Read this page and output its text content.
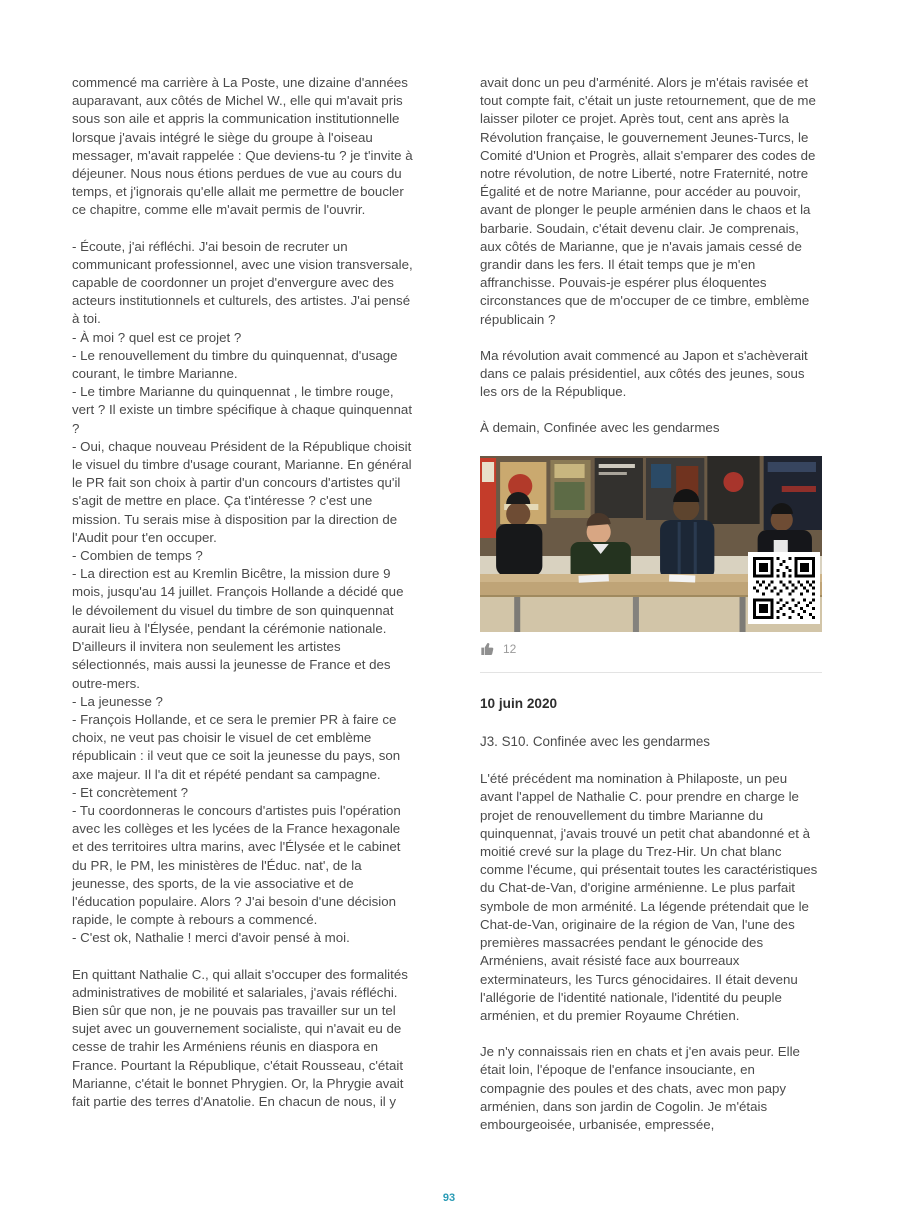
commencé ma carrière à La Poste, une dizaine d'années auparavant, aux côtés de Michel W., elle qui m'avait pris sous son aile et appris la communication institutionnelle lorsque j'avais intégré le siège du groupe à l'oiseau messager, m'avait rappelée : Que deviens-tu ? je t'invite à déjeuner. Nous nous étions perdues de vue au cours du temps, et j'ignorais qu'elle allait me permettre de boucler ce chapitre, comme elle m'avait permis de l'ouvrir.

- Écoute, j'ai réfléchi. J'ai besoin de recruter un communicant professionnel, avec une vision transversale, capable de coordonner un projet d'envergure avec des acteurs institutionnels et culturels, des artistes. J'ai pensé à toi.

- À moi ? quel est ce projet ?

- Le renouvellement du timbre du quinquennat, d'usage courant, le timbre Marianne.

- Le timbre Marianne du quinquennat , le timbre rouge, vert ? Il existe un timbre spécifique à chaque quinquennat ?

- Oui, chaque nouveau Président de la République choisit le visuel du timbre d'usage courant, Marianne. En général le PR fait son choix à partir d'un concours d'artistes qu'il s'agit de mettre en place. Ça t'intéresse ? c'est une mission. Tu serais mise à disposition par la direction de l'Audit pour t'en occuper.

- Combien de temps ?

- La direction est au Kremlin Bicêtre, la mission dure 9 mois, jusqu'au 14 juillet. François Hollande a décidé que le dévoilement du visuel du timbre de son quinquennat aurait lieu à l'Élysée, pendant la cérémonie nationale. D'ailleurs il invitera non seulement les artistes sélectionnés, mais aussi la jeunesse de France et des outre-mers.

- La jeunesse ?

- François Hollande, et ce sera le premier PR à faire ce choix, ne veut pas choisir le visuel de cet emblème républicain : il veut que ce soit la jeunesse du pays, son axe majeur. Il l'a dit et répété pendant sa campagne.

- Et concrètement ?

- Tu coordonneras le concours d'artistes puis l'opération avec les collèges et les lycées de la France hexagonale et des territoires ultra marins, avec l'Élysée et le cabinet du PR, le PM, les ministères de l'Éduc. nat', de la jeunesse, des sports, de la vie associative et de l'éducation populaire. Alors ? J'ai besoin d'une décision rapide, le compte à rebours a commencé.

- C'est ok, Nathalie ! merci d'avoir pensé à moi.

En quittant Nathalie C., qui allait s'occuper des formalités administratives de mobilité et salariales, j'avais réfléchi. Bien sûr que non, je ne pouvais pas travailler sur un tel sujet avec un gouvernement socialiste, qui n'avait eu de cesse de trahir les Arméniens réunis en diaspora en France. Pourtant la République, c'était Rousseau, c'était Marianne, c'était le bonnet Phrygien. Or, la Phrygie avait fait partie des terres d'Anatolie. En chacun de nous, il y

avait donc un peu d'arménité. Alors je m'étais ravisée et tout compte fait, c'était un juste retournement, que de me laisser piloter ce projet. Après tout, cent ans après la Révolution française, le gouvernement Jeunes-Turcs, le Comité d'Union et Progrès, allait s'emparer des codes de notre révolution, de notre Liberté, notre Fraternité, notre Égalité et de notre Marianne, pour accéder au pouvoir, avant de plonger le peuple arménien dans le chaos et la barbarie. Soudain, c'était devenu clair. Je comprenais, aux côtés de Marianne, que je n'avais jamais cessé de grandir dans les fers. Il était temps que je m'en affranchisse. Pouvais-je espérer plus éloquentes circonstances que de m'occuper de ce timbre, emblème républicain ?

Ma révolution avait commencé au Japon et s'achèverait dans ce palais présidentiel, aux côtés des jeunes, sous les ors de la République.

À demain, Confinée avec les gendarmes

12
10 juin 2020
J3. S10. Confinée avec les gendarmes

L'été précédent ma nomination à Philaposte, un peu avant l'appel de Nathalie C. pour prendre en charge le projet de renouvellement du timbre Marianne du quinquennat, j'avais trouvé un petit chat abandonné et à moitié crevé sur la plage du Trez-Hir. Un chat blanc comme l'écume, qui présentait toutes les caractéristiques du Chat-de-Van, d'origine arménienne. Le plus parfait symbole de mon arménité. La légende prétendait que le Chat-de-Van, originaire de la région de Van, l'une des premières massacrées pendant le génocide des Arméniens, avait résisté face aux bourreaux exterminateurs, les Turcs génocidaires. Il était devenu l'allégorie de l'identité nationale, l'identité du peuple arménien, et du premier Royaume Chrétien.

Je n'y connaissais rien en chats et j'en avais peur. Elle était loin, l'époque de l'enfance insouciante, en compagnie des poules et des chats, avec mon papy arménien, dans son jardin de Cogolin. Je m'étais embourgeoisée, urbanisée, empressée,

93
